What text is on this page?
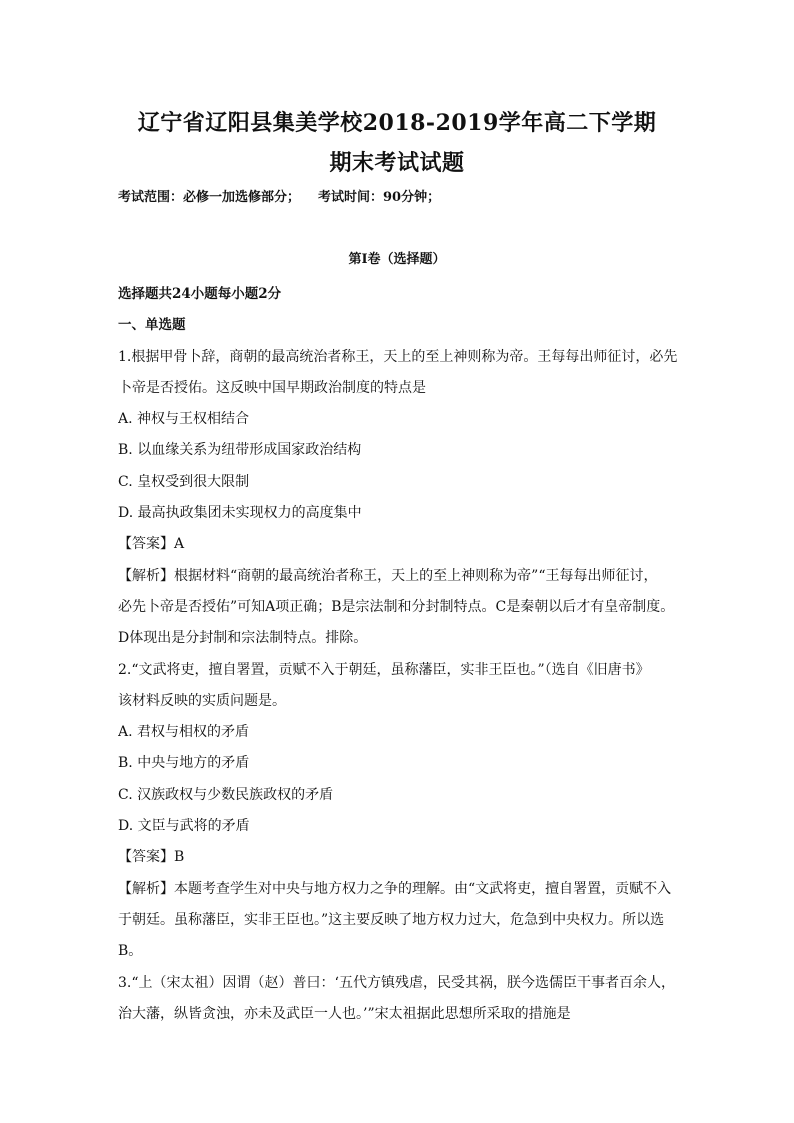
辽宁省辽阳县集美学校2018-2019学年高二下学期
期末考试试题
考试范围：必修一加选修部分； 考试时间：90分钟；
第Ⅰ卷（选择题）
选择题共24小题每小题2分
一、单选题
1.根据甲骨卜辞，商朝的最高统治者称王，天上的至上神则称为帝。王每每出师征讨，必先
卜帝是否授佑。这反映中国早期政治制度的特点是
A. 神权与王权相结合
B. 以血缘关系为纽带形成国家政治结构
C. 皇权受到很大限制
D. 最高执政集团未实现权力的高度集中
【答案】A
【解析】根据材料“商朝的最高统治者称王，天上的至上神则称为帝”“王每每出师征讨，
必先卜帝是否授佑”可知A项正确；B是宗法制和分封制特点。C是秦朝以后才有皇帝制度。
D体现出是分封制和宗法制特点。排除。
2.“文武将吏，擅自署置，贡赋不入于朝廷，虽称藩臣，实非王臣也。”（选自《旧唐书》
该材料反映的实质问题是。
A. 君权与相权的矛盾
B. 中央与地方的矛盾
C. 汉族政权与少数民族政权的矛盾
D. 文臣与武将的矛盾
【答案】B
【解析】本题考查学生对中央与地方权力之争的理解。由“文武将吏，擅自署置，贡赋不入
于朝廷。虽称藩臣，实非王臣也。”这主要反映了地方权力过大，危急到中央权力。所以选
B。
3.“上（宋太祖）因谓（赵）普曰：‘五代方镇残虐，民受其祸，朕今选儒臣干事者百余人，
治大藩，纵皆贪浊，亦未及武臣一人也。’”宋太祖据此思想所采取的措施是
